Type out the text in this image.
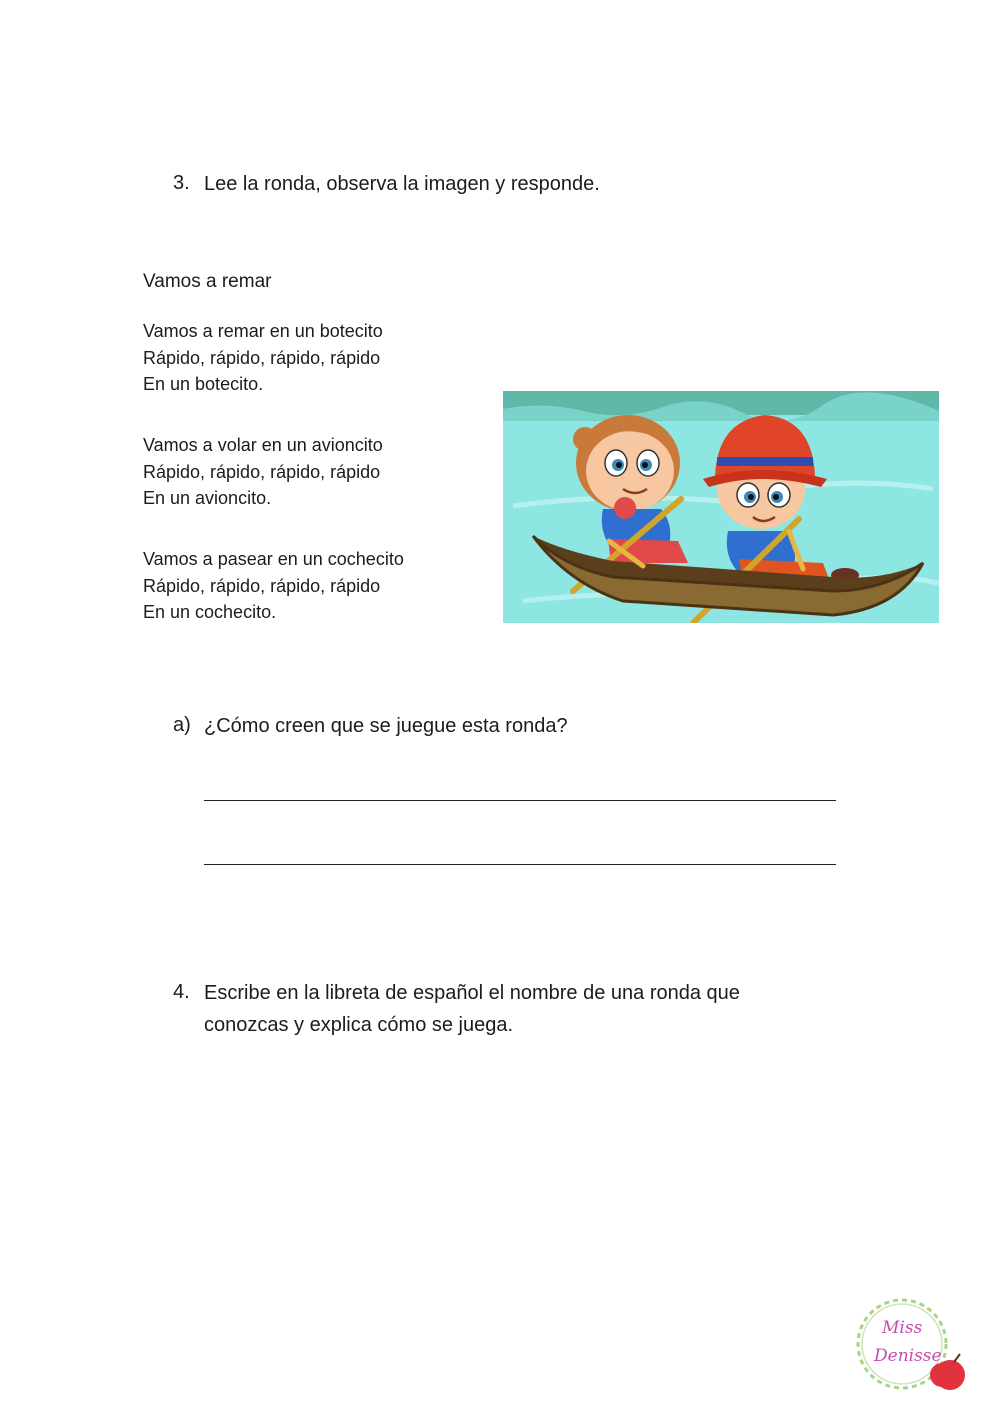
3. Lee la ronda, observa la imagen y responde.
Vamos a remar
Vamos a remar en un botecito
Rápido, rápido, rápido, rápido
En un botecito.
Vamos a volar en un avioncito
Rápido, rápido, rápido, rápido
En un avioncito.
Vamos a pasear en un cochecito
Rápido, rápido, rápido, rápido
En un cochecito.
a) ¿Cómo creen que se juegue esta ronda?
4. Escribe en la libreta de español el nombre de una ronda que
conozcas y explica cómo se juega.
Miss
Denisse
